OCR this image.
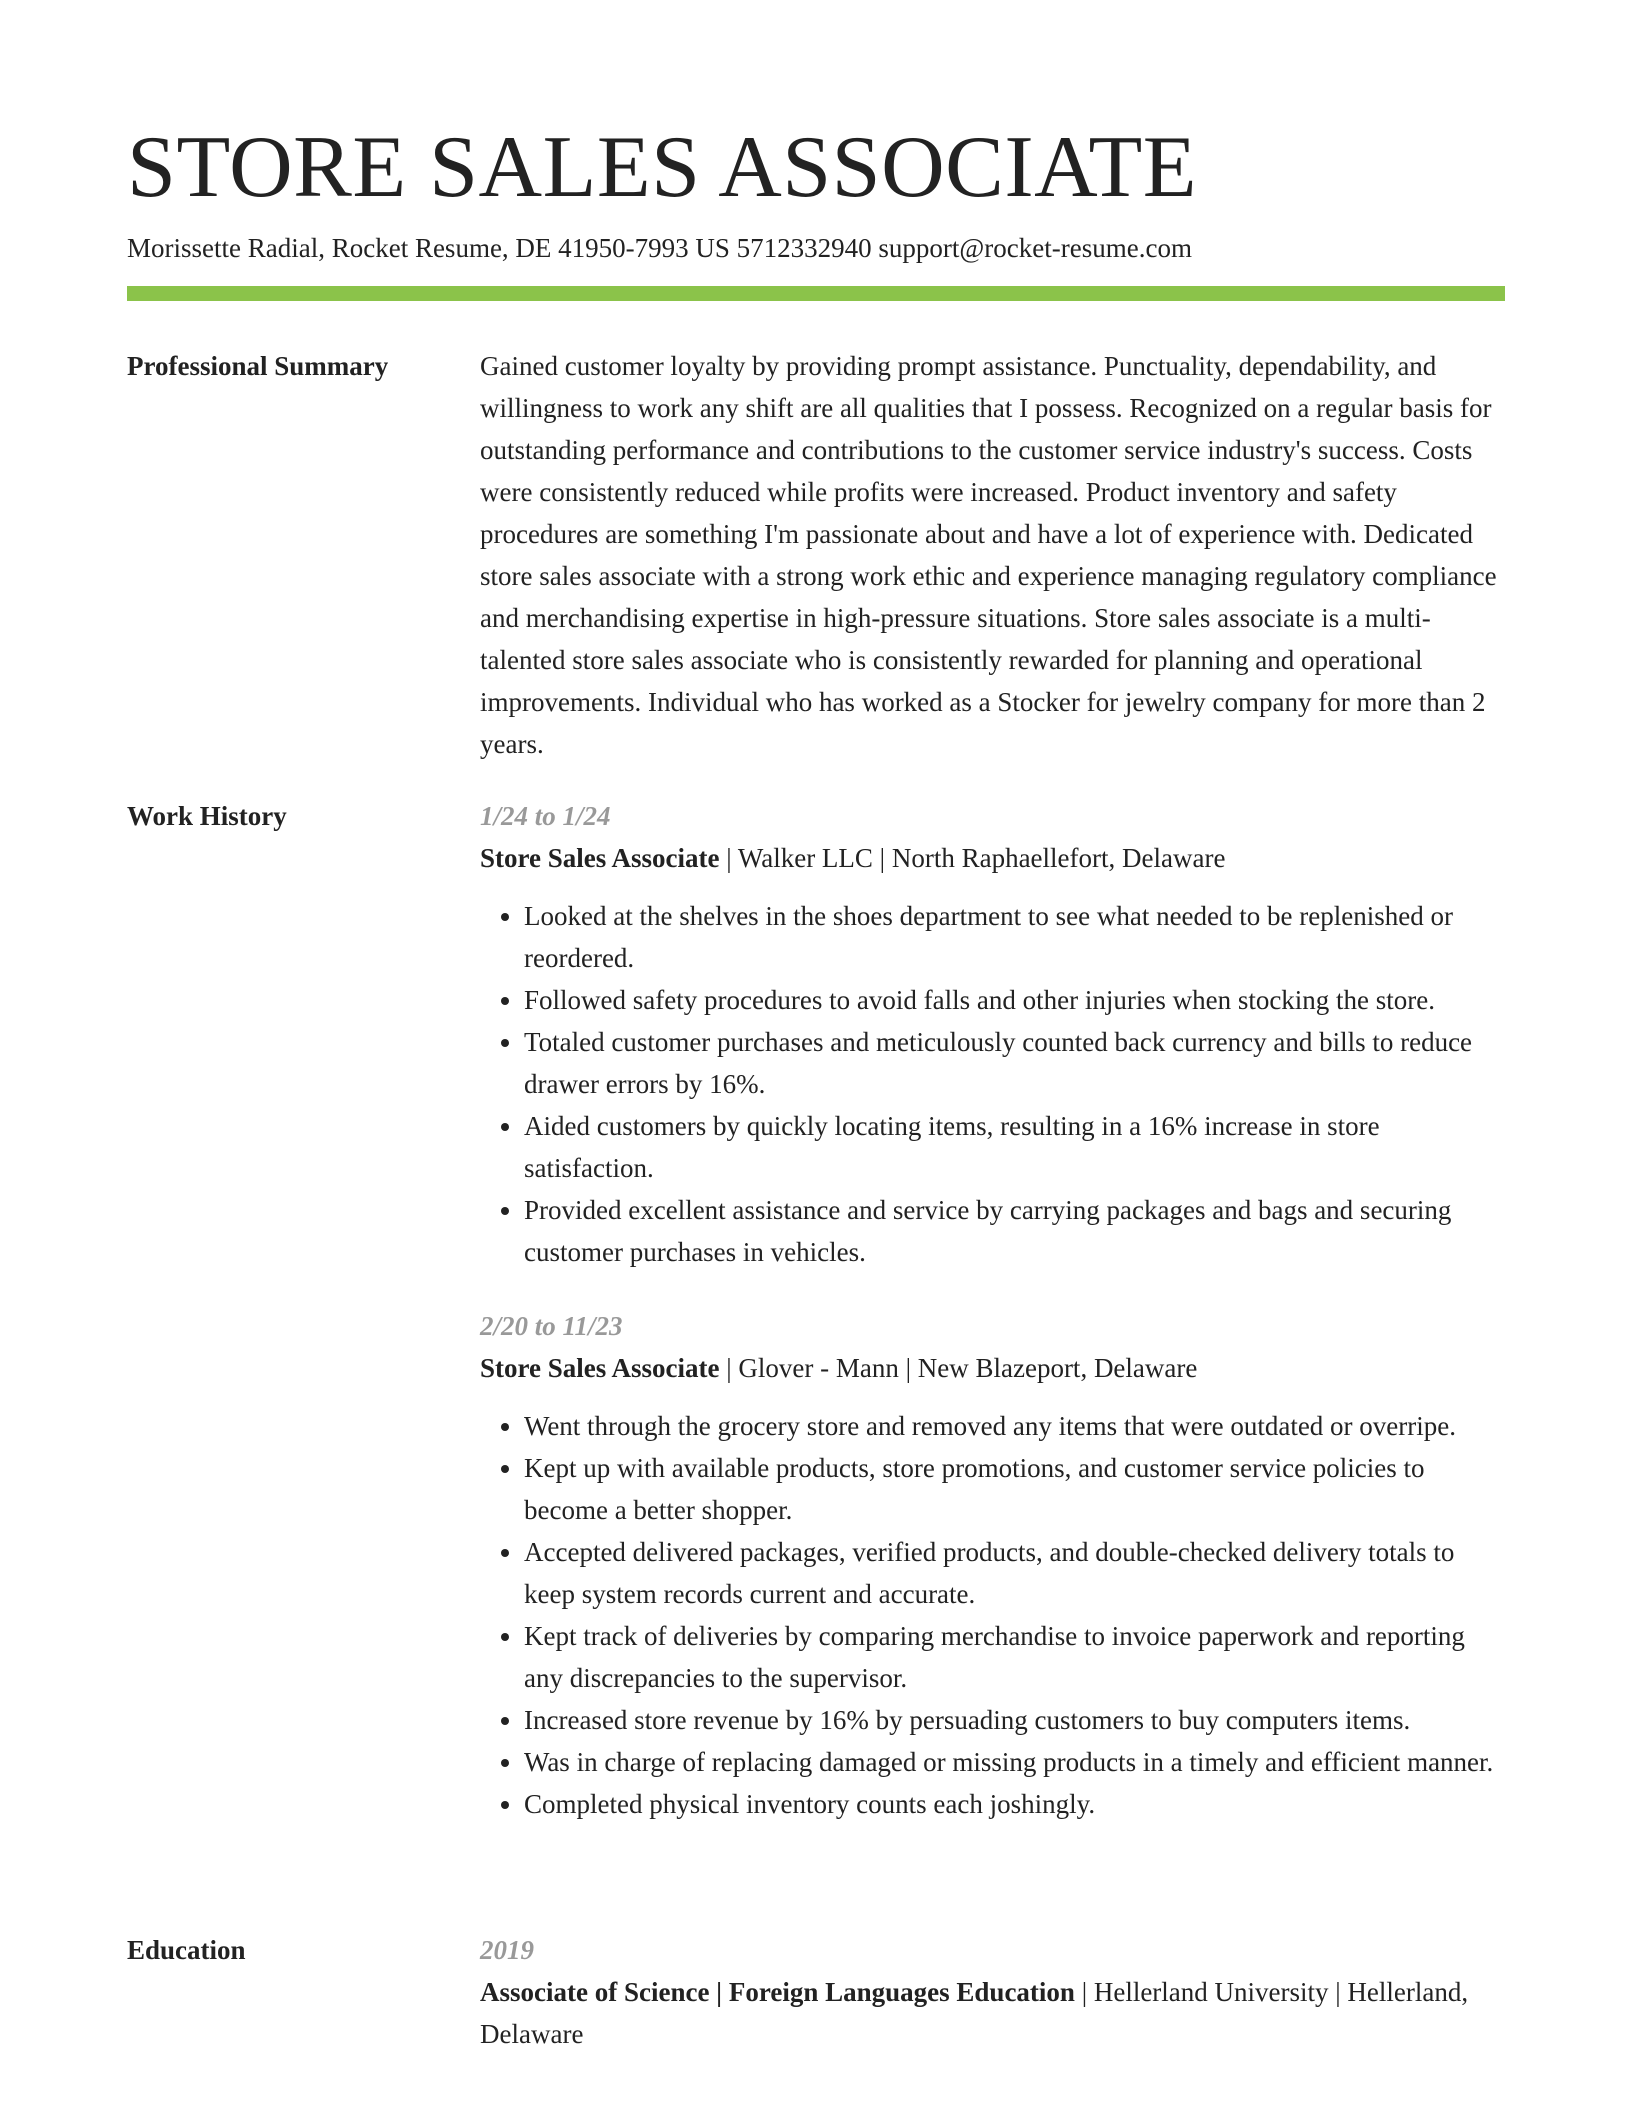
STORE SALES ASSOCIATE
Morissette Radial, Rocket Resume, DE 41950-7993 US 5712332940 support@rocket-resume.com
Professional Summary	Gained customer loyalty by providing prompt assistance. Punctuality, dependability, and willingness to work any shift are all qualities that I possess. Recognized on a regular basis for outstanding performance and contributions to the customer service industry's success. Costs were consistently reduced while profits were increased. Product inventory and safety procedures are something I'm passionate about and have a lot of experience with. Dedicated store sales associate with a strong work ethic and experience managing regulatory compliance and merchandising expertise in high-pressure situations. Store sales associate is a multi-talented store sales associate who is consistently rewarded for planning and operational improvements. Individual who has worked as a Stocker for jewelry company for more than 2 years.

Work History	1/24 to 1/24
Store Sales Associate | Walker LLC | North Raphaellefort, Delaware
• Looked at the shelves in the shoes department to see what needed to be replenished or reordered.
• Followed safety procedures to avoid falls and other injuries when stocking the store.
• Totaled customer purchases and meticulously counted back currency and bills to reduce drawer errors by 16%.
• Aided customers by quickly locating items, resulting in a 16% increase in store satisfaction.
• Provided excellent assistance and service by carrying packages and bags and securing customer purchases in vehicles.
2/20 to 11/23
Store Sales Associate | Glover - Mann | New Blazeport, Delaware
• Went through the grocery store and removed any items that were outdated or overripe.
• Kept up with available products, store promotions, and customer service policies to become a better shopper.
• Accepted delivered packages, verified products, and double-checked delivery totals to keep system records current and accurate.
• Kept track of deliveries by comparing merchandise to invoice paperwork and reporting any discrepancies to the supervisor.
• Increased store revenue by 16% by persuading customers to buy computers items.
• Was in charge of replacing damaged or missing products in a timely and efficient manner.
• Completed physical inventory counts each joshingly.
Education	2019
Associate of Science | Foreign Languages Education | Hellerland University | Hellerland, Delaware
